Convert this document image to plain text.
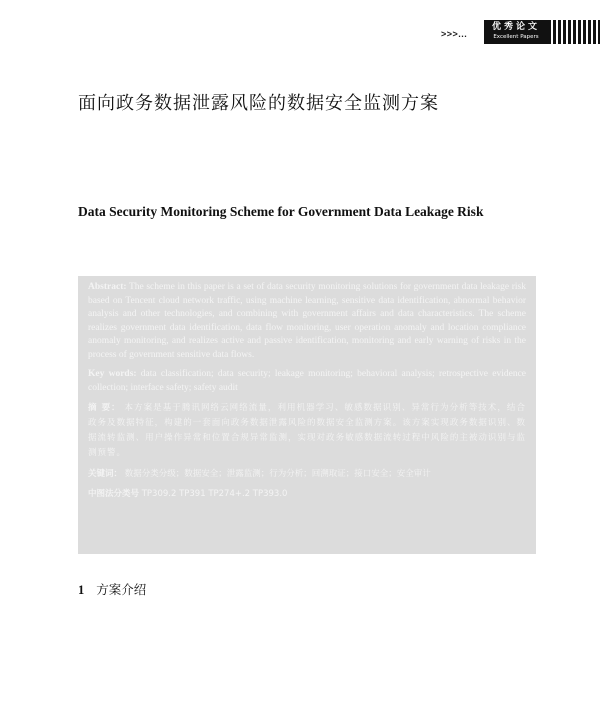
>>>...
优秀论文
Excellent Papers
面向政务数据泄露风险的数据安全监测方案
Data Security Monitoring Scheme for Government Data Leakage Risk

Abstract: The scheme in this paper is a set of data security monitoring solutions for government data leakage risk based on Tencent cloud network traffic, using machine learning, sensitive data identification, abnormal behavior analysis and other technologies, and combining with government affairs and data characteristics. The scheme realizes government data identification, data flow monitoring, user operation anomaly and location compliance anomaly monitoring, and realizes active and passive identification, monitoring and early warning of risks in the process of government sensitive data flows.

Key words: data classification; data security; leakage monitoring; behavioral analysis; retrospective evidence collection; interface safety; safety audit

摘 要： 本方案是基于腾讯网络云网络流量，利用机器学习、敏感数据识别、异常行为分析等技术，结合政务及数据特征，构建的一套面向政务数据泄露风险的数据安全监测方案。该方案实现政务数据识别、数据流转监测、用户操作异常和位置合规异常监测，实现对政务敏感数据流转过程中风险的主被动识别与监测预警。

关键词： 数据分类分级；数据安全；泄露监测；行为分析；回溯取证；接口安全；安全审计

中图法分类号 TP309.2 TP391 TP274+.2 TP393.0

1 方案介绍
